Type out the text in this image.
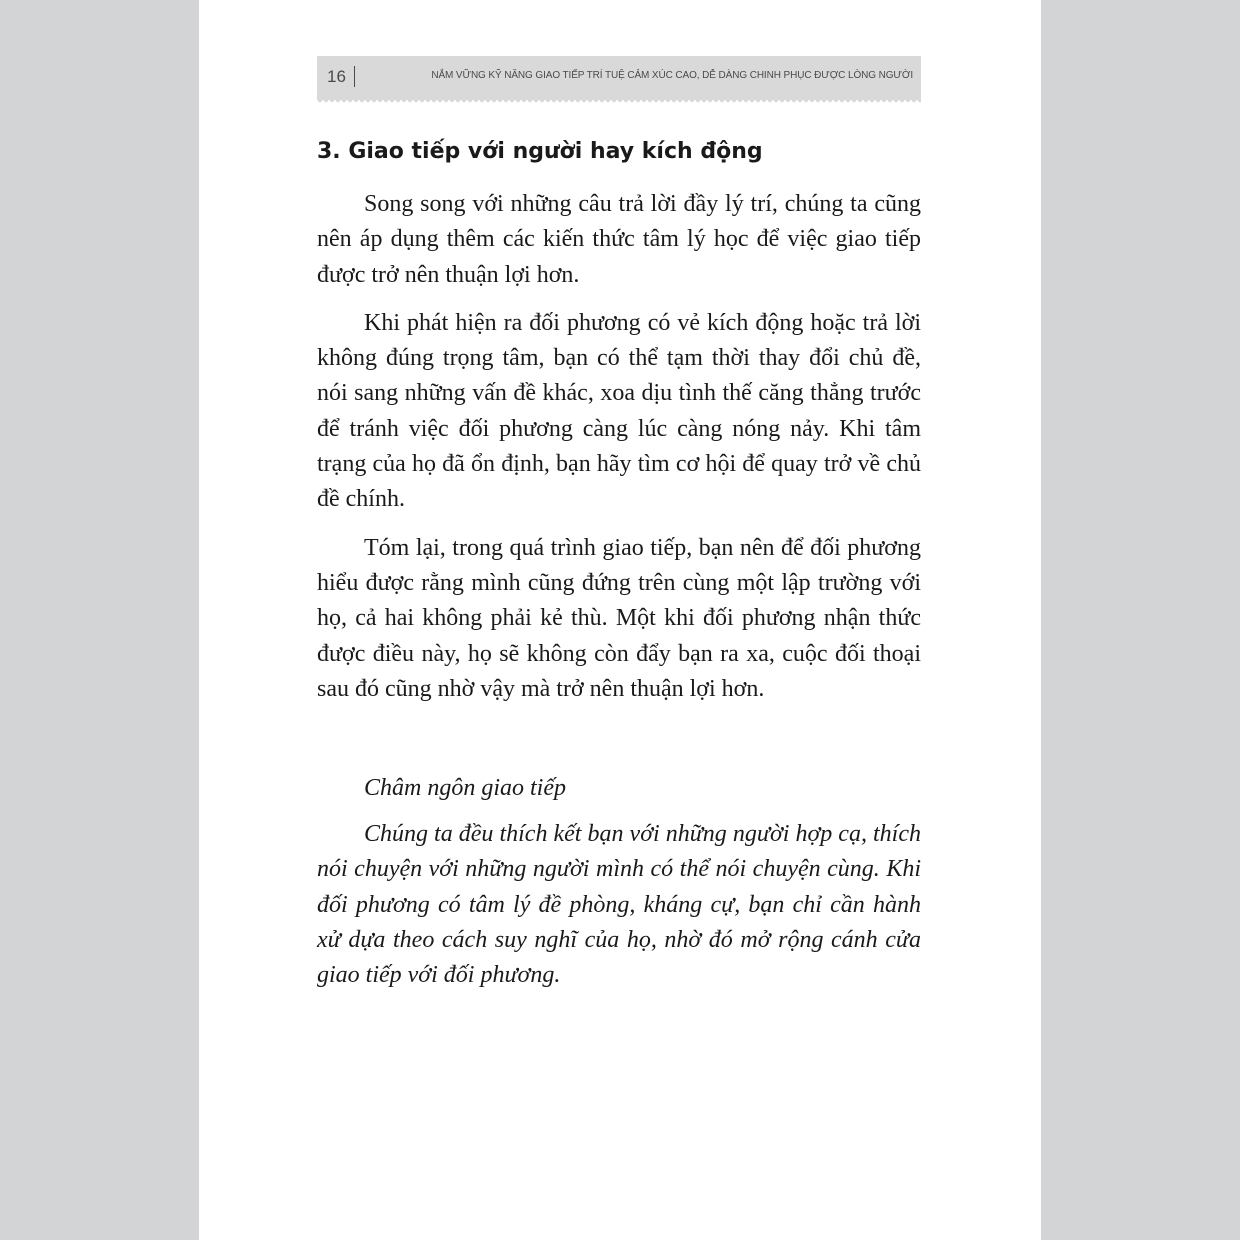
16	NẮM VỮNG KỸ NĂNG GIAO TIẾP TRÍ TUỆ CẢM XÚC CAO, DỄ DÀNG CHINH PHỤC ĐƯỢC LÒNG NGƯỜI
3. Giao tiếp với người hay kích động

Song song với những câu trả lời đầy lý trí, chúng ta cũng nên áp dụng thêm các kiến thức tâm lý học để việc giao tiếp được trở nên thuận lợi hơn.

Khi phát hiện ra đối phương có vẻ kích động hoặc trả lời không đúng trọng tâm, bạn có thể tạm thời thay đổi chủ đề, nói sang những vấn đề khác, xoa dịu tình thế căng thẳng trước để tránh việc đối phương càng lúc càng nóng nảy. Khi tâm trạng của họ đã ổn định, bạn hãy tìm cơ hội để quay trở về chủ đề chính.

Tóm lại, trong quá trình giao tiếp, bạn nên để đối phương hiểu được rằng mình cũng đứng trên cùng một lập trường với họ, cả hai không phải kẻ thù. Một khi đối phương nhận thức được điều này, họ sẽ không còn đẩy bạn ra xa, cuộc đối thoại sau đó cũng nhờ vậy mà trở nên thuận lợi hơn.

Châm ngôn giao tiếp

Chúng ta đều thích kết bạn với những người hợp cạ, thích nói chuyện với những người mình có thể nói chuyện cùng. Khi đối phương có tâm lý đề phòng, kháng cự, bạn chỉ cần hành xử dựa theo cách suy nghĩ của họ, nhờ đó mở rộng cánh cửa giao tiếp với đối phương.
